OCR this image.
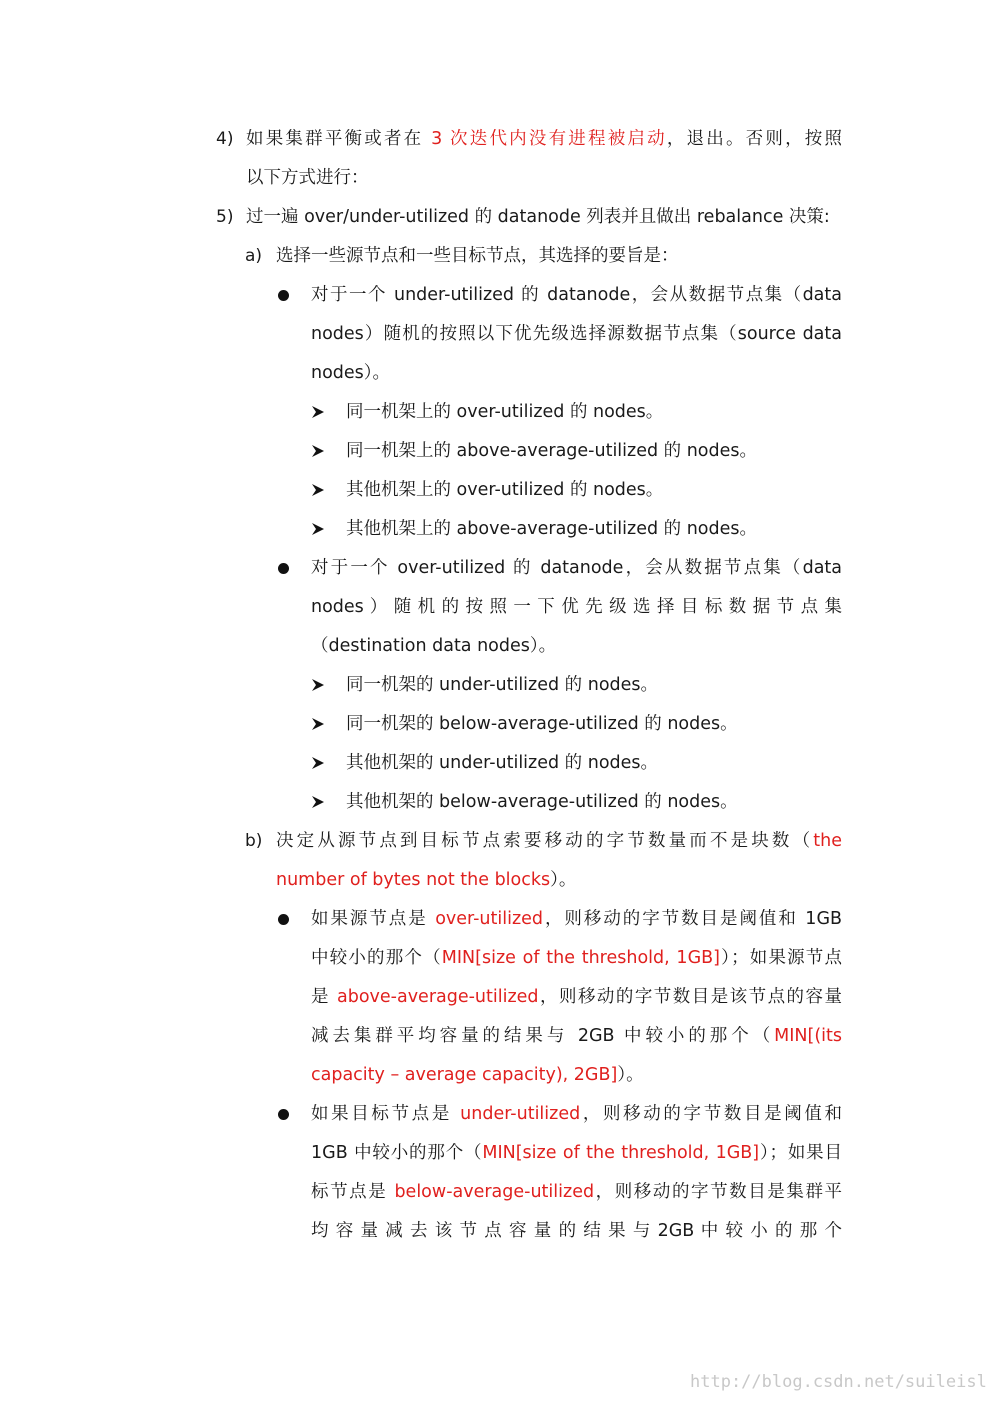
4) 如果集群平衡或者在 3 次迭代内没有进程被启动，退出。否则，按照
以下方式进行：
5) 过一遍 over/under-utilized 的 datanode 列表并且做出 rebalance 决策:
a) 选择一些源节点和一些目标节点，其选择的要旨是：
对于一个 under-utilized 的 datanode，会从数据节点集（data
nodes）随机的按照以下优先级选择源数据节点集（source data
nodes）。
同一机架上的 over-utilized 的 nodes。
同一机架上的 above-average-utilized 的 nodes。
其他机架上的 over-utilized 的 nodes。
其他机架上的 above-average-utilized 的 nodes。
对于一个 over-utilized 的 datanode，会从数据节点集（data
nodes ） 随 机 的 按 照 一 下 优 先 级 选 择 目 标 数 据 节 点 集
（destination data nodes）。
同一机架的 under-utilized 的 nodes。
同一机架的 below-average-utilized 的 nodes。
其他机架的 under-utilized 的 nodes。
其他机架的 below-average-utilized 的 nodes。
b) 决定从源节点到目标节点索要移动的字节数量而不是块数（the
number of bytes not the blocks）。
如果源节点是 over-utilized，则移动的字节数目是阈值和 1GB
中较小的那个（MIN[size of the threshold, 1GB]）；如果源节点
是 above-average-utilized，则移动的字节数目是该节点的容量
减去集群平均容量的结果与 2GB 中较小的那个（MIN[(its
capacity – average capacity), 2GB]）。
如果目标节点是 under-utilized，则移动的字节数目是阈值和
1GB 中较小的那个（MIN[size of the threshold, 1GB]）；如果目
标节点是 below-average-utilized，则移动的字节数目是集群平
均 容 量 减 去 该 节 点 容 量 的 结 果 与 2GB 中 较 小 的 那 个
http://blog.csdn.net/suileisl
